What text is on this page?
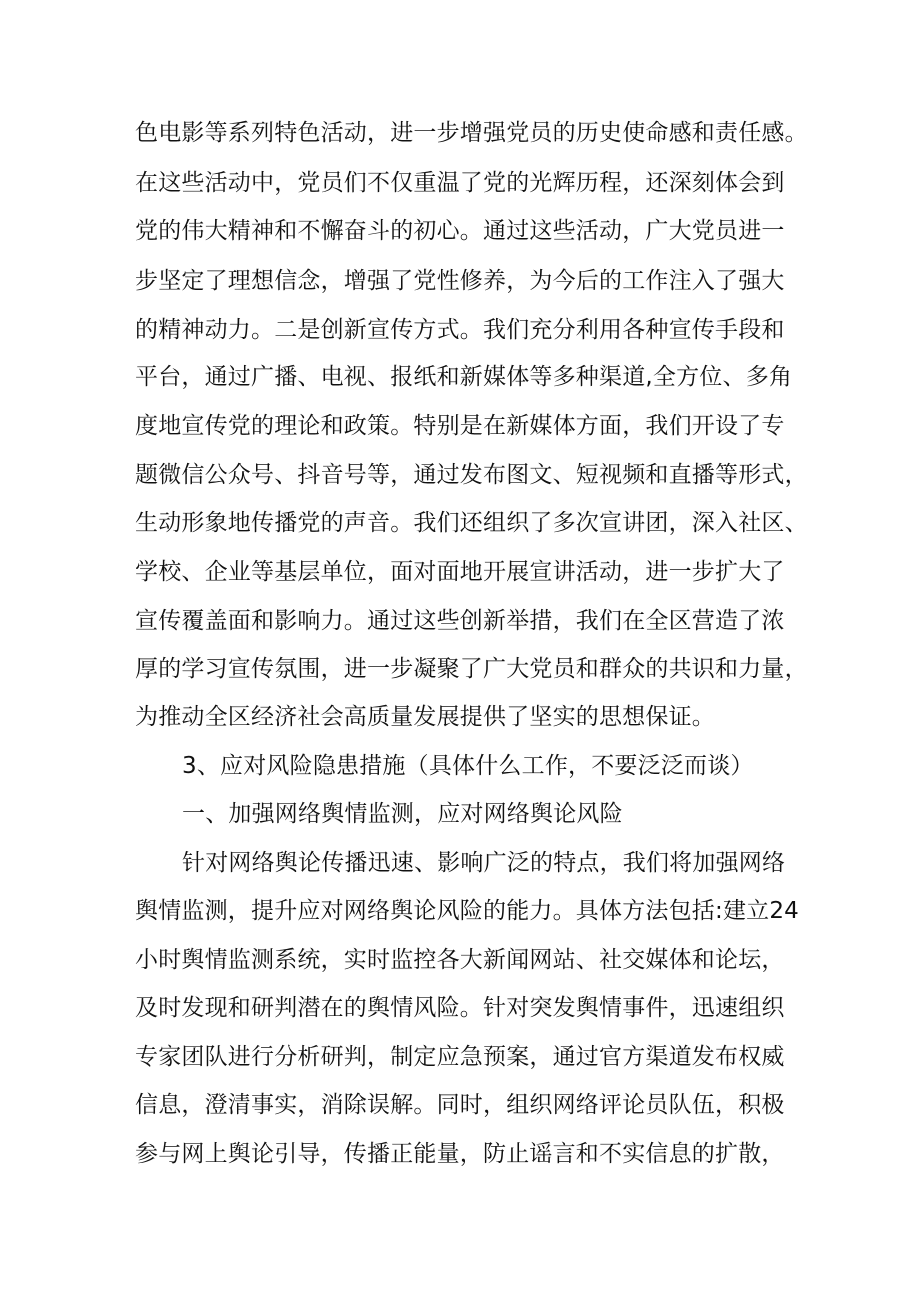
色电影等系列特色活动，进一步增强党员的历史使命感和责任感。
在这些活动中，党员们不仅重温了党的光辉历程，还深刻体会到
党的伟大精神和不懈奋斗的初心。通过这些活动，广大党员进一
步坚定了理想信念，增强了党性修养，为今后的工作注入了强大
的精神动力。二是创新宣传方式。我们充分利用各种宣传手段和
平台，通过广播、电视、报纸和新媒体等多种渠道,全方位、多角
度地宣传党的理论和政策。特别是在新媒体方面，我们开设了专
题微信公众号、抖音号等，通过发布图文、短视频和直播等形式，
生动形象地传播党的声音。我们还组织了多次宣讲团，深入社区、
学校、企业等基层单位，面对面地开展宣讲活动，进一步扩大了
宣传覆盖面和影响力。通过这些创新举措，我们在全区营造了浓
厚的学习宣传氛围，进一步凝聚了广大党员和群众的共识和力量，
为推动全区经济社会高质量发展提供了坚实的思想保证。
3、应对风险隐患措施（具体什么工作，不要泛泛而谈）
一、加强网络舆情监测，应对网络舆论风险
针对网络舆论传播迅速、影响广泛的特点，我们将加强网络
舆情监测，提升应对网络舆论风险的能力。具体方法包括:建立24
小时舆情监测系统，实时监控各大新闻网站、社交媒体和论坛，
及时发现和研判潜在的舆情风险。针对突发舆情事件，迅速组织
专家团队进行分析研判，制定应急预案，通过官方渠道发布权威
信息，澄清事实，消除误解。同时，组织网络评论员队伍，积极
参与网上舆论引导，传播正能量，防止谣言和不实信息的扩散，
